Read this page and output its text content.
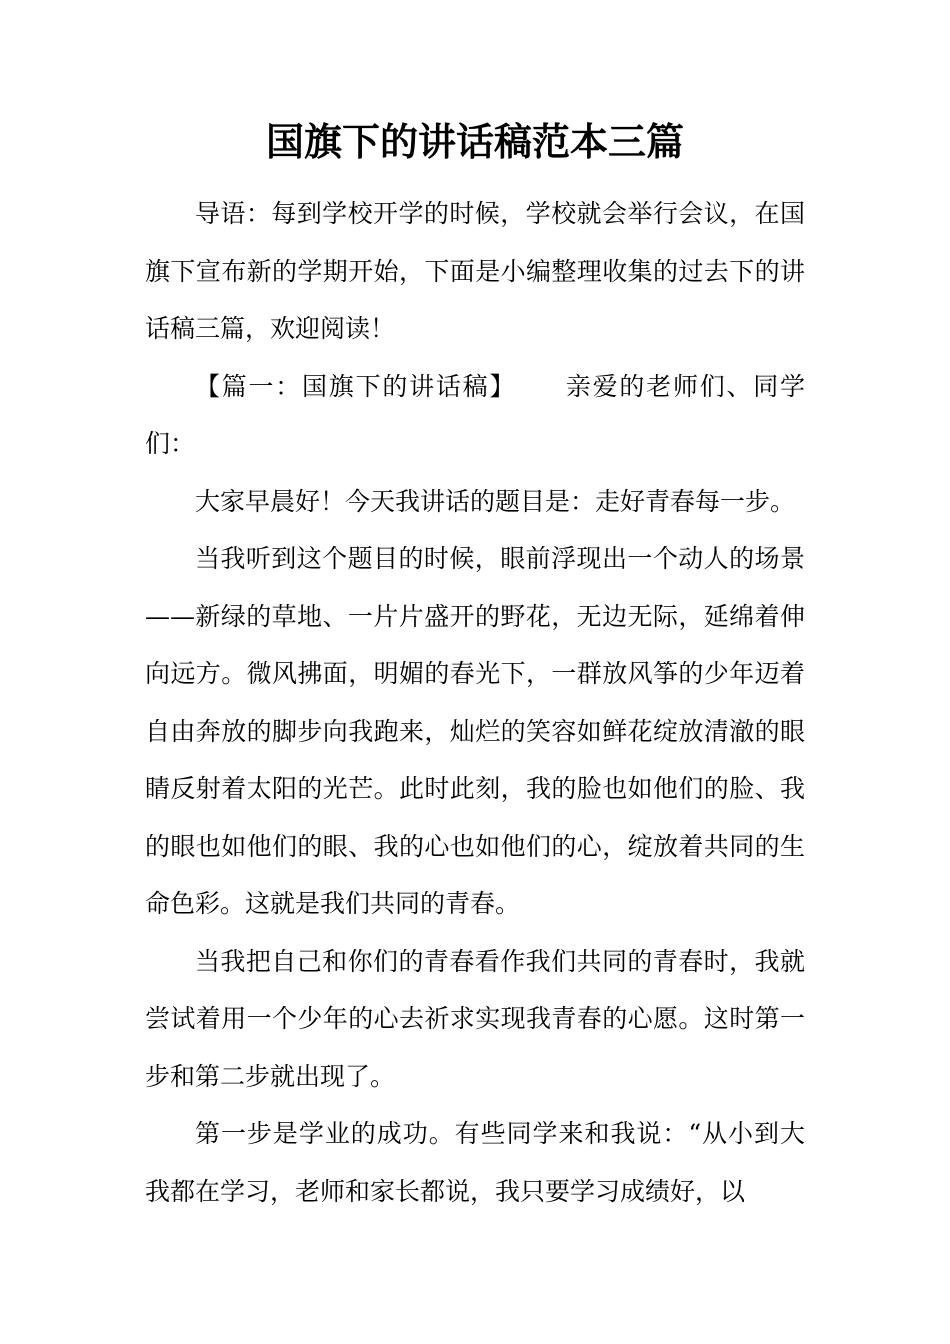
国旗下的讲话稿范本三篇

导语：每到学校开学的时候，学校就会举行会议，在国旗下宣布新的学期开始，下面是小编整理收集的过去下的讲话稿三篇，欢迎阅读！

【篇一：国旗下的讲话稿】 亲爱的老师们、同学们：

大家早晨好！今天我讲话的题目是：走好青春每一步。

当我听到这个题目的时候，眼前浮现出一个动人的场景——新绿的草地、一片片盛开的野花，无边无际，延绵着伸向远方。微风拂面，明媚的春光下，一群放风筝的少年迈着自由奔放的脚步向我跑来，灿烂的笑容如鲜花绽放清澈的眼睛反射着太阳的光芒。此时此刻，我的脸也如他们的脸、我的眼也如他们的眼、我的心也如他们的心，绽放着共同的生命色彩。这就是我们共同的青春。

当我把自己和你们的青春看作我们共同的青春时，我就尝试着用一个少年的心去祈求实现我青春的心愿。这时第一步和第二步就出现了。

第一步是学业的成功。有些同学来和我说：“从小到大我都在学习，老师和家长都说，我只要学习成绩好，以
